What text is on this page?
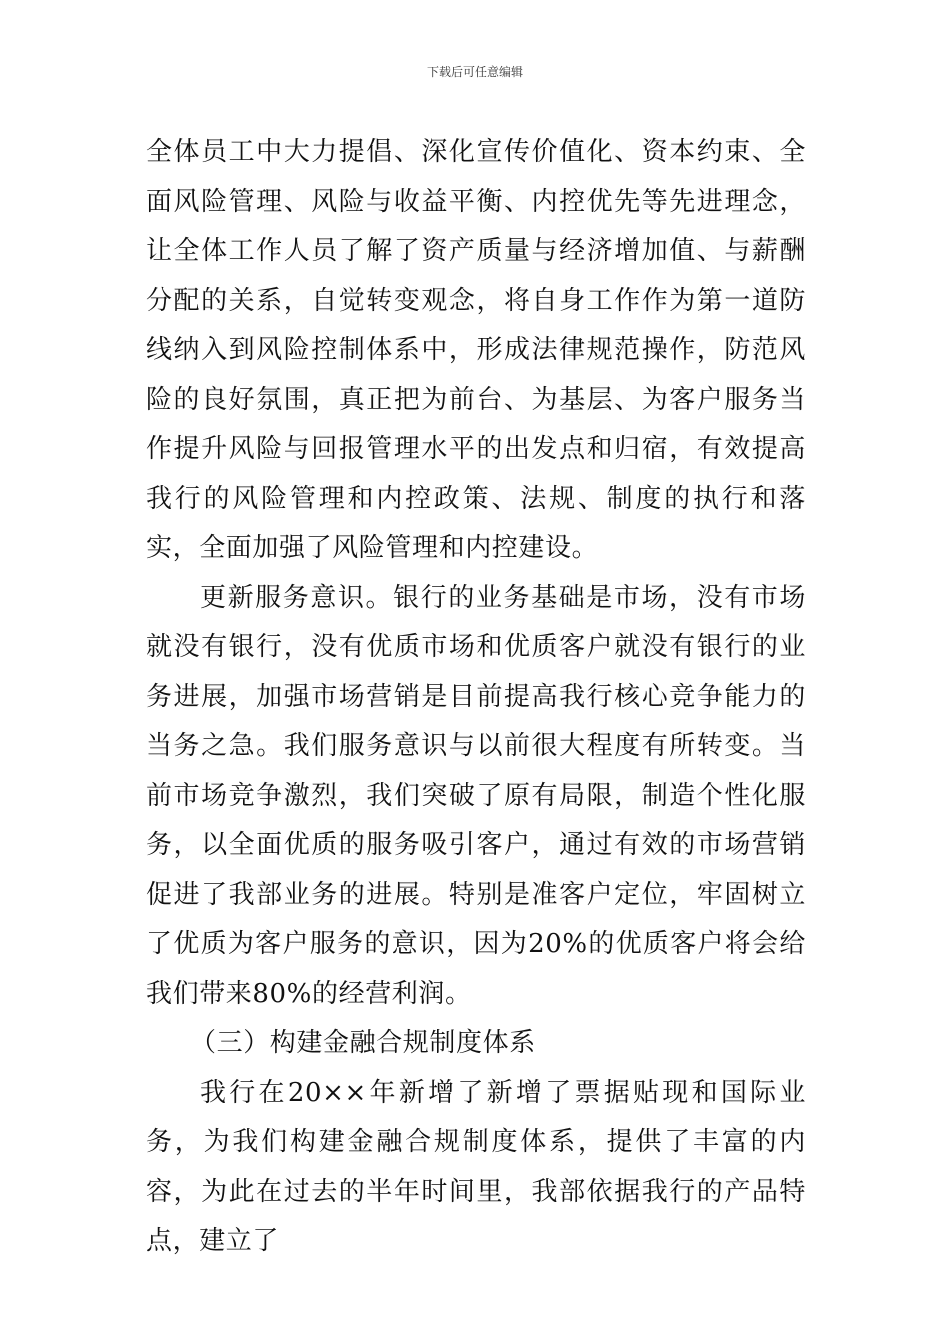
下载后可任意编辑

全体员工中大力提倡、深化宣传价值化、资本约束、全面风险管理、风险与收益平衡、内控优先等先进理念，让全体工作人员了解了资产质量与经济增加值、与薪酬分配的关系，自觉转变观念，将自身工作作为第一道防线纳入到风险控制体系中，形成法律规范操作，防范风险的良好氛围，真正把为前台、为基层、为客户服务当作提升风险与回报管理水平的出发点和归宿，有效提高我行的风险管理和内控政策、法规、制度的执行和落实，全面加强了风险管理和内控建设。

更新服务意识。银行的业务基础是市场，没有市场就没有银行，没有优质市场和优质客户就没有银行的业务进展，加强市场营销是目前提高我行核心竞争能力的当务之急。我们服务意识与以前很大程度有所转变。当前市场竞争激烈，我们突破了原有局限，制造个性化服务，以全面优质的服务吸引客户，通过有效的市场营销促进了我部业务的进展。特别是准客户定位，牢固树立了优质为客户服务的意识，因为20%的优质客户将会给我们带来80%的经营利润。

（三）构建金融合规制度体系

我行在20××年新增了新增了票据贴现和国际业务，为我们构建金融合规制度体系，提供了丰富的内容，为此在过去的半年时间里，我部依据我行的产品特点，建立了
